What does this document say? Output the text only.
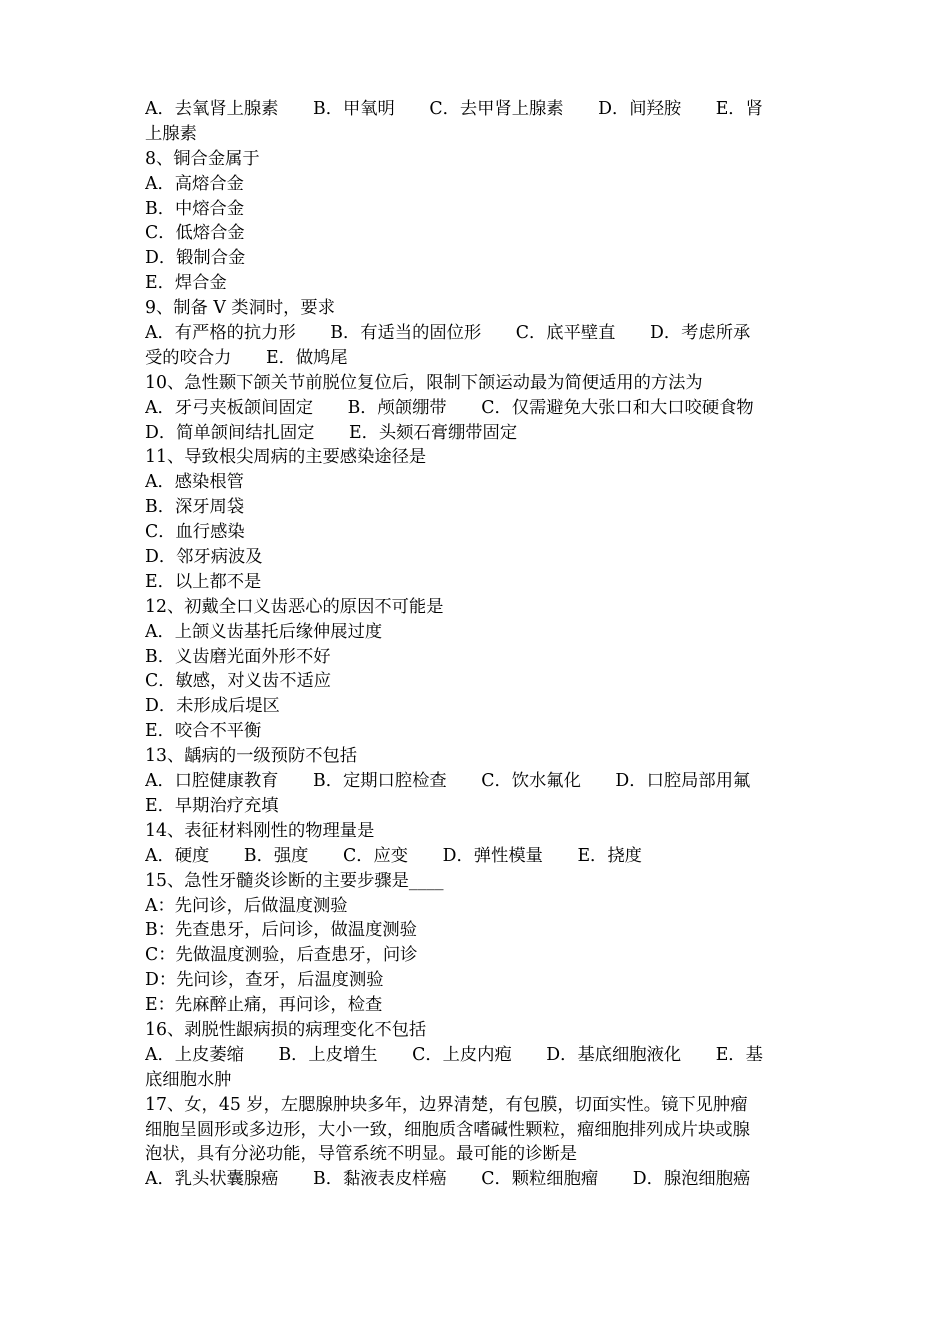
A．去氧肾上腺素　　B．甲氧明　　C．去甲肾上腺素　　D．间羟胺　　E．肾
上腺素
8、铜合金属于
A．高熔合金
B．中熔合金
C．低熔合金
D．锻制合金
E．焊合金
9、制备 V 类洞时，要求
A．有严格的抗力形　　B．有适当的固位形　　C．底平壁直　　D．考虑所承
受的咬合力　　E．做鸠尾
10、急性颞下颌关节前脱位复位后，限制下颌运动最为简便适用的方法为
A．牙弓夹板颌间固定　　B．颅颌绷带　　C．仅需避免大张口和大口咬硬食物
D．简单颌间结扎固定　　E．头颏石膏绷带固定
11、导致根尖周病的主要感染途径是
A．感染根管
B．深牙周袋
C．血行感染
D．邻牙病波及
E．以上都不是
12、初戴全口义齿恶心的原因不可能是
A．上颌义齿基托后缘伸展过度
B．义齿磨光面外形不好
C．敏感，对义齿不适应
D．未形成后堤区
E．咬合不平衡
13、龋病的一级预防不包括
A．口腔健康教育　　B．定期口腔检查　　C．饮水氟化　　D．口腔局部用氟
E．早期治疗充填
14、表征材料刚性的物理量是
A．硬度　　B．强度　　C．应变　　D．弹性模量　　E．挠度
15、急性牙髓炎诊断的主要步骤是____
A：先问诊，后做温度测验
B：先查患牙，后问诊，做温度测验
C：先做温度测验，后查患牙，问诊
D：先问诊，查牙，后温度测验
E：先麻醉止痛，再问诊，检查
16、剥脱性龈病损的病理变化不包括
A．上皮萎缩　　B．上皮增生　　C．上皮内疱　　D．基底细胞液化　　E．基
底细胞水肿
17、女，45 岁，左腮腺肿块多年，边界清楚，有包膜，切面实性。镜下见肿瘤
细胞呈圆形或多边形，大小一致，细胞质含嗜碱性颗粒，瘤细胞排列成片块或腺
泡状，具有分泌功能，导管系统不明显。最可能的诊断是
A．乳头状囊腺癌　　B．黏液表皮样癌　　C．颗粒细胞瘤　　D．腺泡细胞癌
